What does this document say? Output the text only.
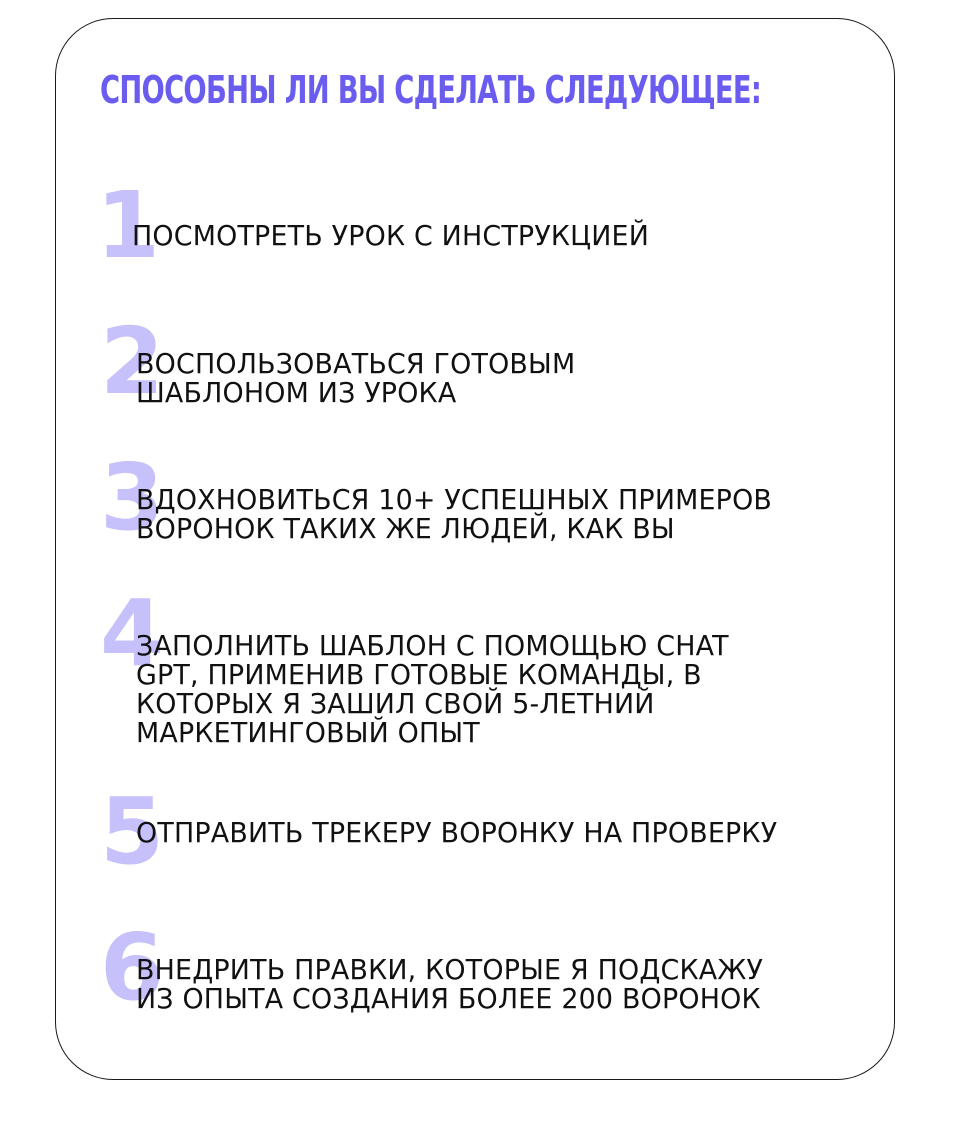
СПОСОБНЫ ЛИ ВЫ СДЕЛАТЬ СЛЕДУЮЩЕЕ:
1

ПОСМОТРЕТЬ УРОК С ИНСТРУКЦИЕЙ

2

ВОСПОЛЬЗОВАТЬСЯ ГОТОВЫМ
ШАБЛОНОМ ИЗ УРОКА

3

ВДОХНОВИТЬСЯ 10+ УСПЕШНЫХ ПРИМЕРОВ
ВОРОНОК ТАКИХ ЖЕ ЛЮДЕЙ, КАК ВЫ

4

ЗАПОЛНИТЬ ШАБЛОН С ПОМОЩЬЮ CHAT
GPT, ПРИМЕНИВ ГОТОВЫЕ КОМАНДЫ, В
КОТОРЫХ Я ЗАШИЛ СВОЙ 5-ЛЕТНИЙ
МАРКЕТИНГОВЫЙ ОПЫТ

5

ОТПРАВИТЬ ТРЕКЕРУ ВОРОНКУ НА ПРОВЕРКУ

6

ВНЕДРИТЬ ПРАВКИ, КОТОРЫЕ Я ПОДСКАЖУ
ИЗ ОПЫТА СОЗДАНИЯ БОЛЕЕ 200 ВОРОНОК
